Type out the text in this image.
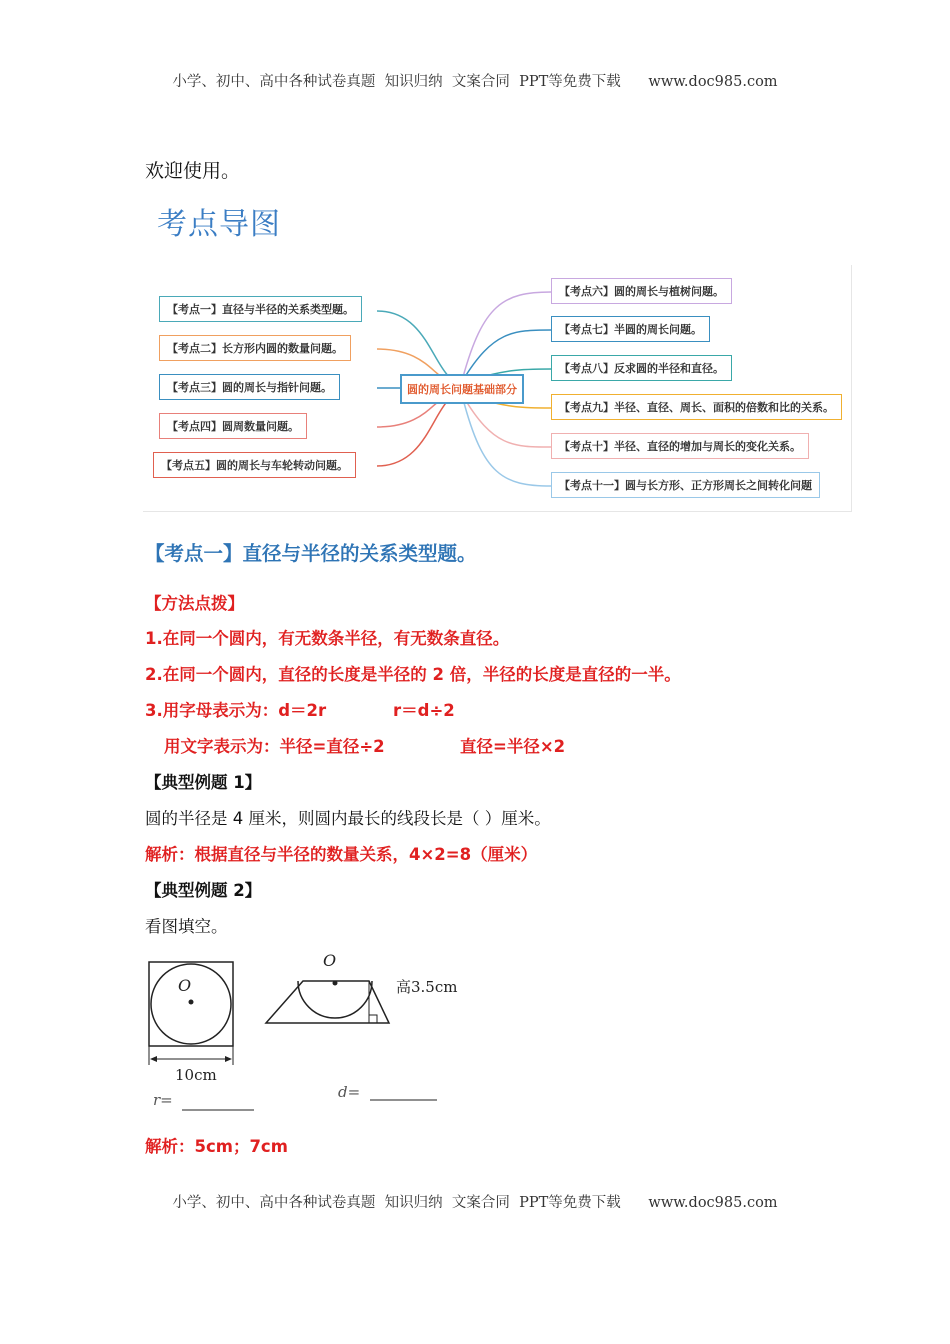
小学、初中、高中各种试卷真题  知识归纳  文案合同  PPT等免费下载      www.doc985.com
欢迎使用。
考点导图
【考点一】直径与半径的关系类型题。
【考点二】长方形内圆的数量问题。
【考点三】圆的周长与指针问题。
【考点四】圆周数量问题。
【考点五】圆的周长与车轮转动问题。
圆的周长问题基础部分
【考点六】圆的周长与植树问题。
【考点七】半圆的周长问题。
【考点八】反求圆的半径和直径。
【考点九】半径、直径、周长、面积的倍数和比的关系。
【考点十】半径、直径的增加与周长的变化关系。
【考点十一】圆与长方形、正方形周长之间转化问题
【考点一】直径与半径的关系类型题。
【方法点拨】
1.在同一个圆内，有无数条半径，有无数条直径。
2.在同一个圆内，直径的长度是半径的 2 倍，半径的长度是直径的一半。
3.用字母表示为：d＝2r	r＝d÷2
用文字表示为：半径=直径÷2	直径=半径×2
【典型例题 1】
圆的半径是 4 厘米，则圆内最长的线段长是（ ）厘米。
解析：根据直径与半径的数量关系，4×2=8（厘米）
【典型例题 2】
看图填空。
O
10cm
r=
O
高3.5cm
d=
解析：5cm；7cm
小学、初中、高中各种试卷真题  知识归纳  文案合同  PPT等免费下载      www.doc985.com
